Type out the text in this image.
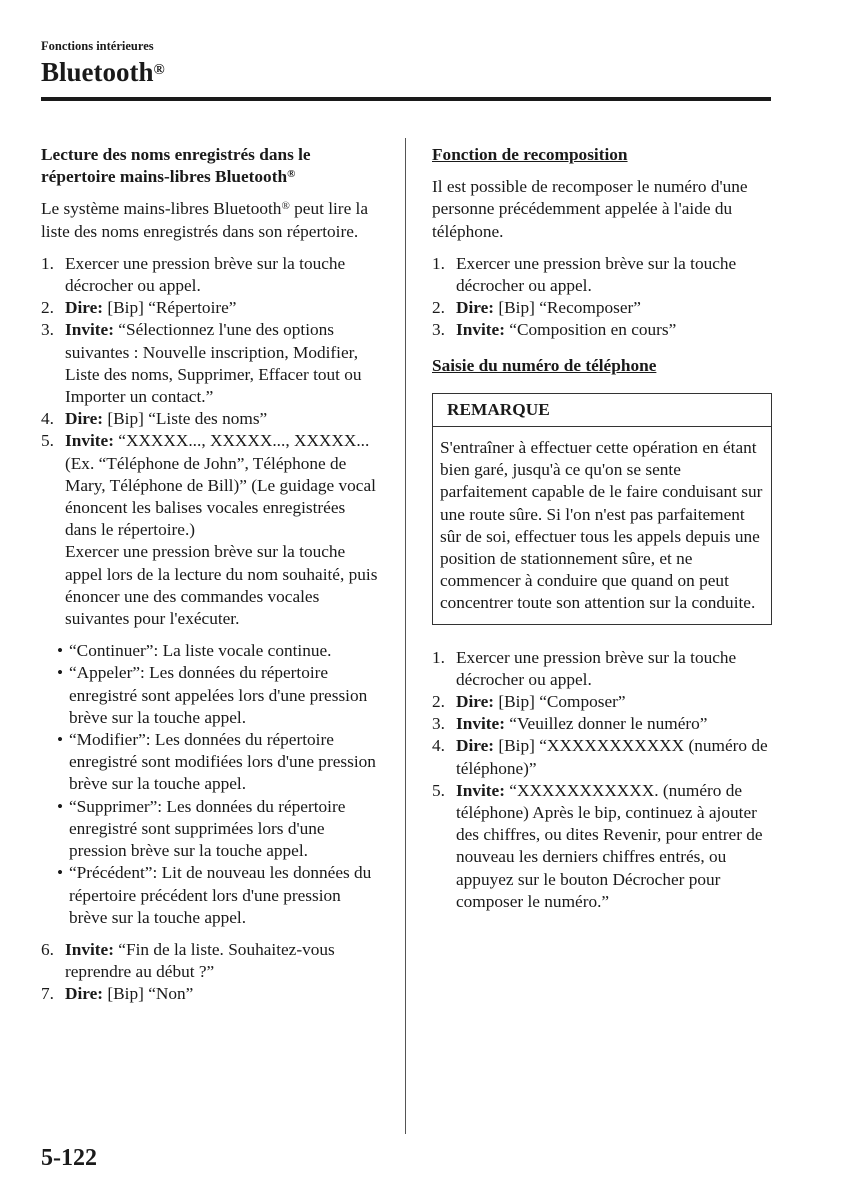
Fonctions intérieures
Bluetooth®

Lecture des noms enregistrés dans le répertoire mains-libres Bluetooth®

Le système mains-libres Bluetooth® peut lire la liste des noms enregistrés dans son répertoire.

1. Exercer une pression brève sur la touche décrocher ou appel.
2. Dire: [Bip] “Répertoire”
3. Invite: “Sélectionnez l'une des options suivantes : Nouvelle inscription, Modifier, Liste des noms, Supprimer, Effacer tout ou Importer un contact.”
4. Dire: [Bip] “Liste des noms”
5. Invite: “XXXXX..., XXXXX..., XXXXX... (Ex. “Téléphone de John”, Téléphone de Mary, Téléphone de Bill)” (Le guidage vocal énoncent les balises vocales enregistrées dans le répertoire.)
Exercer une pression brève sur la touche appel lors de la lecture du nom souhaité, puis énoncer une des commandes vocales suivantes pour l'exécuter.
• “Continuer”: La liste vocale continue.
• “Appeler”: Les données du répertoire enregistré sont appelées lors d'une pression brève sur la touche appel.
• “Modifier”: Les données du répertoire enregistré sont modifiées lors d'une pression brève sur la touche appel.
• “Supprimer”: Les données du répertoire enregistré sont supprimées lors d'une pression brève sur la touche appel.
• “Précédent”: Lit de nouveau les données du répertoire précédent lors d'une pression brève sur la touche appel.
6. Invite: “Fin de la liste. Souhaitez-vous reprendre au début ?”
7. Dire: [Bip] “Non”

Fonction de recomposition

Il est possible de recomposer le numéro d'une personne précédemment appelée à l'aide du téléphone.

1. Exercer une pression brève sur la touche décrocher ou appel.
2. Dire: [Bip] “Recomposer”
3. Invite: “Composition en cours”

Saisie du numéro de téléphone

REMARQUE
S'entraîner à effectuer cette opération en étant bien garé, jusqu'à ce qu'on se sente parfaitement capable de le faire conduisant sur une route sûre. Si l'on n'est pas parfaitement sûr de soi, effectuer tous les appels depuis une position de stationnement sûre, et ne commencer à conduire que quand on peut concentrer toute son attention sur la conduite.
1. Exercer une pression brève sur la touche décrocher ou appel.
2. Dire: [Bip] “Composer”
3. Invite: “Veuillez donner le numéro”
4. Dire: [Bip] “XXXXXXXXXXX (numéro de téléphone)”
5. Invite: “XXXXXXXXXXX. (numéro de téléphone) Après le bip, continuez à ajouter des chiffres, ou dites Revenir, pour entrer de nouveau les derniers chiffres entrés, ou appuyez sur le bouton Décrocher pour composer le numéro.”
5-122
